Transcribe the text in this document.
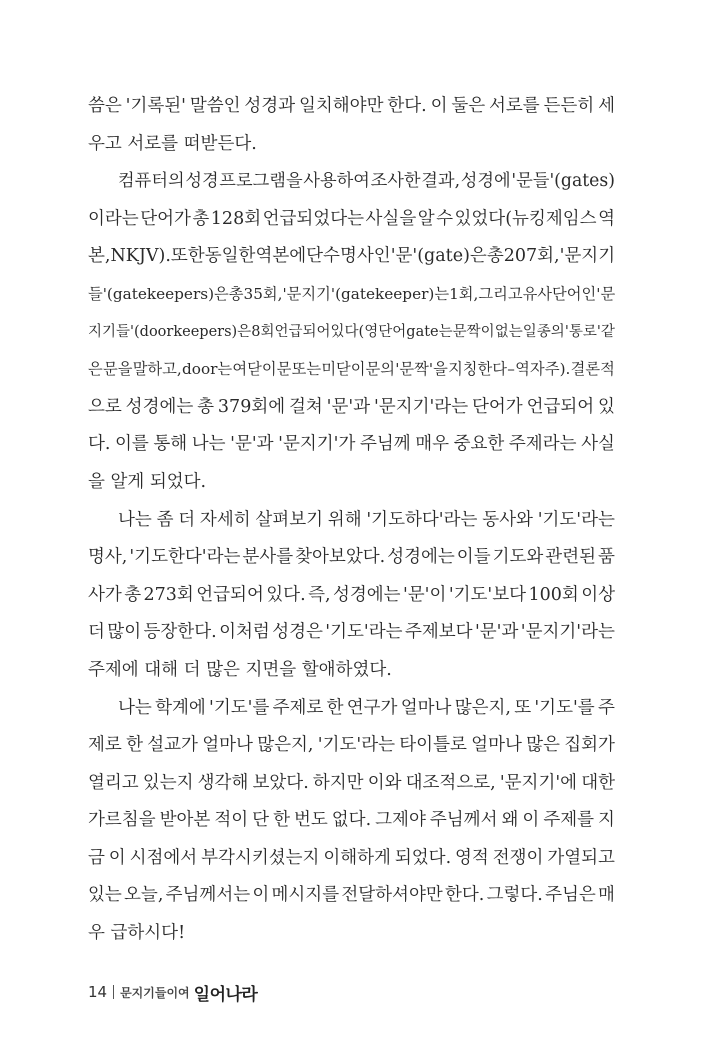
씀은 '기록된' 말씀인 성경과 일치해야만 한다. 이 둘은 서로를 든든히 세
우고 서로를 떠받든다.
컴퓨터의 성경 프로그램을 사용하여 조사한 결과, 성경에 '문들'(gates)
이라는 단어가 총 128회 언급되었다는 사실을 알 수 있었다(뉴킹제임스 역
본, NKJV). 또한 동일한 역본에 단수 명사인 '문'(gate)은 총 207회, '문지기
들'(gatekeepers)은 총 35회, '문지기'(gatekeeper)는 1회, 그리고 유사 단어인 '문
지기들'(doorkeepers)은 8회 언급되어 있다(영단어 gate는 문짝이 없는 일종의 '통로' 같
은 문을 말하고, door는 여닫이문 또는 미닫이문의 '문짝'을 지칭한다 – 역자 주). 결론적
으로 성경에는 총 379회에 걸쳐 '문'과 '문지기'라는 단어가 언급되어 있
다. 이를 통해 나는 '문'과 '문지기'가 주님께 매우 중요한 주제라는 사실
을 알게 되었다.
나는 좀 더 자세히 살펴보기 위해 '기도하다'라는 동사와 '기도'라는
명사, '기도한다'라는 분사를 찾아보았다. 성경에는 이들 기도와 관련된 품
사가 총 273회 언급되어 있다. 즉, 성경에는 '문'이 '기도'보다 100회 이상
더 많이 등장한다. 이처럼 성경은 '기도'라는 주제보다 '문'과 '문지기'라는
주제에 대해 더 많은 지면을 할애하였다.
나는 학계에 '기도'를 주제로 한 연구가 얼마나 많은지, 또 '기도'를 주
제로 한 설교가 얼마나 많은지, '기도'라는 타이틀로 얼마나 많은 집회가
열리고 있는지 생각해 보았다. 하지만 이와 대조적으로, '문지기'에 대한
가르침을 받아본 적이 단 한 번도 없다. 그제야 주님께서 왜 이 주제를 지
금 이 시점에서 부각시키셨는지 이해하게 되었다. 영적 전쟁이 가열되고
있는 오늘, 주님께서는 이 메시지를 전달하셔야만 한다. 그렇다. 주님은 매
우 급하시다!
14 문지기들이여 일어나라
